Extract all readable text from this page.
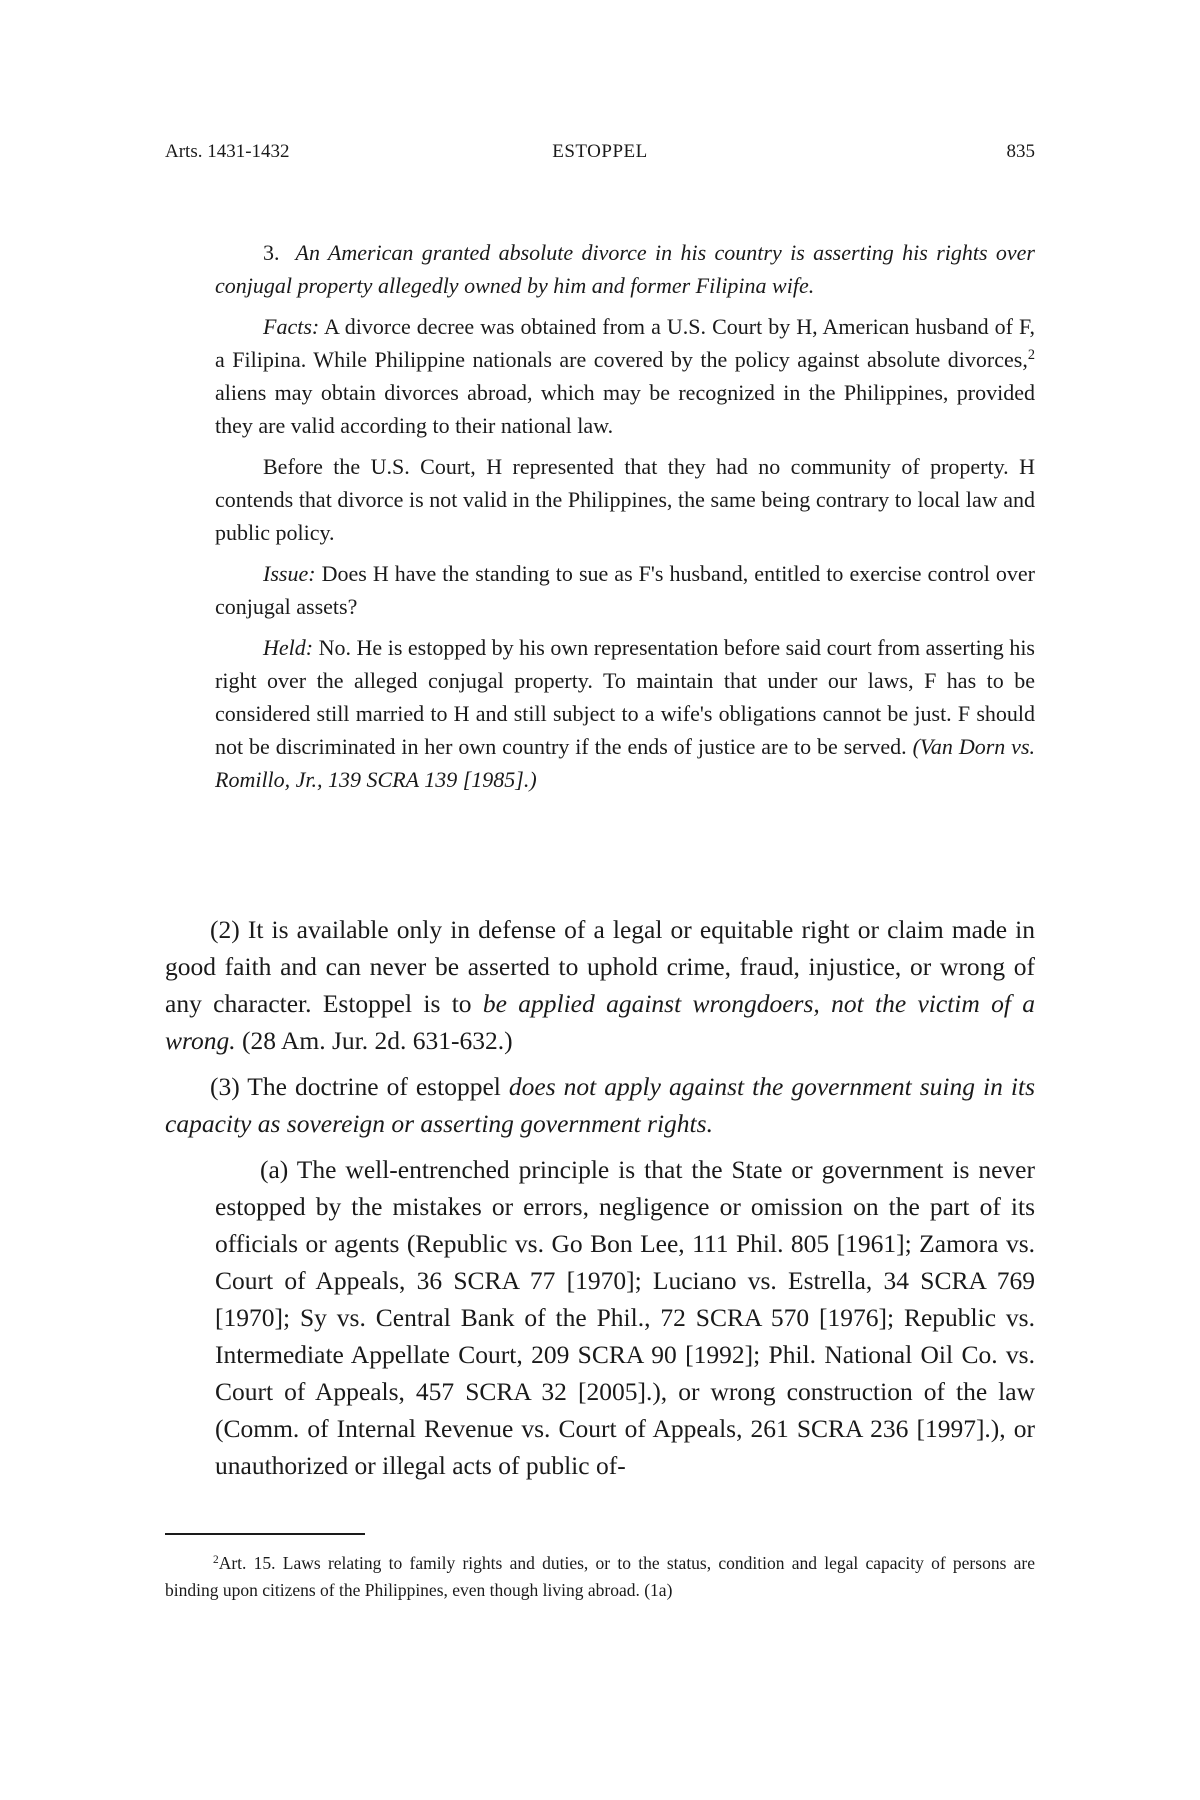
Arts. 1431-1432	ESTOPPEL	835

3. An American granted absolute divorce in his country is asserting his rights over conjugal property allegedly owned by him and former Filipina wife.

Facts: A divorce decree was obtained from a U.S. Court by H, American husband of F, a Filipina. While Philippine nationals are covered by the policy against absolute divorces,$^2$ aliens may obtain divorces abroad, which may be recognized in the Philippines, provided they are valid according to their national law.

Before the U.S. Court, H represented that they had no community of property. H contends that divorce is not valid in the Philippines, the same being contrary to local law and public policy.

Issue: Does H have the standing to sue as F's husband, entitled to exercise control over conjugal assets?

Held: No. He is estopped by his own representation before said court from asserting his right over the alleged conjugal property. To maintain that under our laws, F has to be considered still married to H and still subject to a wife's obligations cannot be just. F should not be discriminated in her own country if the ends of justice are to be served. (Van Dorn vs. Romillo, Jr., 139 SCRA 139 [1985].)

(2) It is available only in defense of a legal or equitable right or claim made in good faith and can never be asserted to uphold crime, fraud, injustice, or wrong of any character. Estoppel is to be applied against wrongdoers, not the victim of a wrong. (28 Am. Jur. 2d. 631-632.)

(3) The doctrine of estoppel does not apply against the government suing in its capacity as sovereign or asserting government rights.

(a) The well-entrenched principle is that the State or government is never estopped by the mistakes or errors, negligence or omission on the part of its officials or agents (Republic vs. Go Bon Lee, 111 Phil. 805 [1961]; Zamora vs. Court of Appeals, 36 SCRA 77 [1970]; Luciano vs. Estrella, 34 SCRA 769 [1970]; Sy vs. Central Bank of the Phil., 72 SCRA 570 [1976]; Republic vs. Intermediate Appellate Court, 209 SCRA 90 [1992]; Phil. National Oil Co. vs. Court of Appeals, 457 SCRA 32 [2005].), or wrong construction of the law (Comm. of Internal Revenue vs. Court of Appeals, 261 SCRA 236 [1997].), or unauthorized or illegal acts of public of-

$^2$Art. 15. Laws relating to family rights and duties, or to the status, condition and legal capacity of persons are binding upon citizens of the Philippines, even though living abroad. (1a)
